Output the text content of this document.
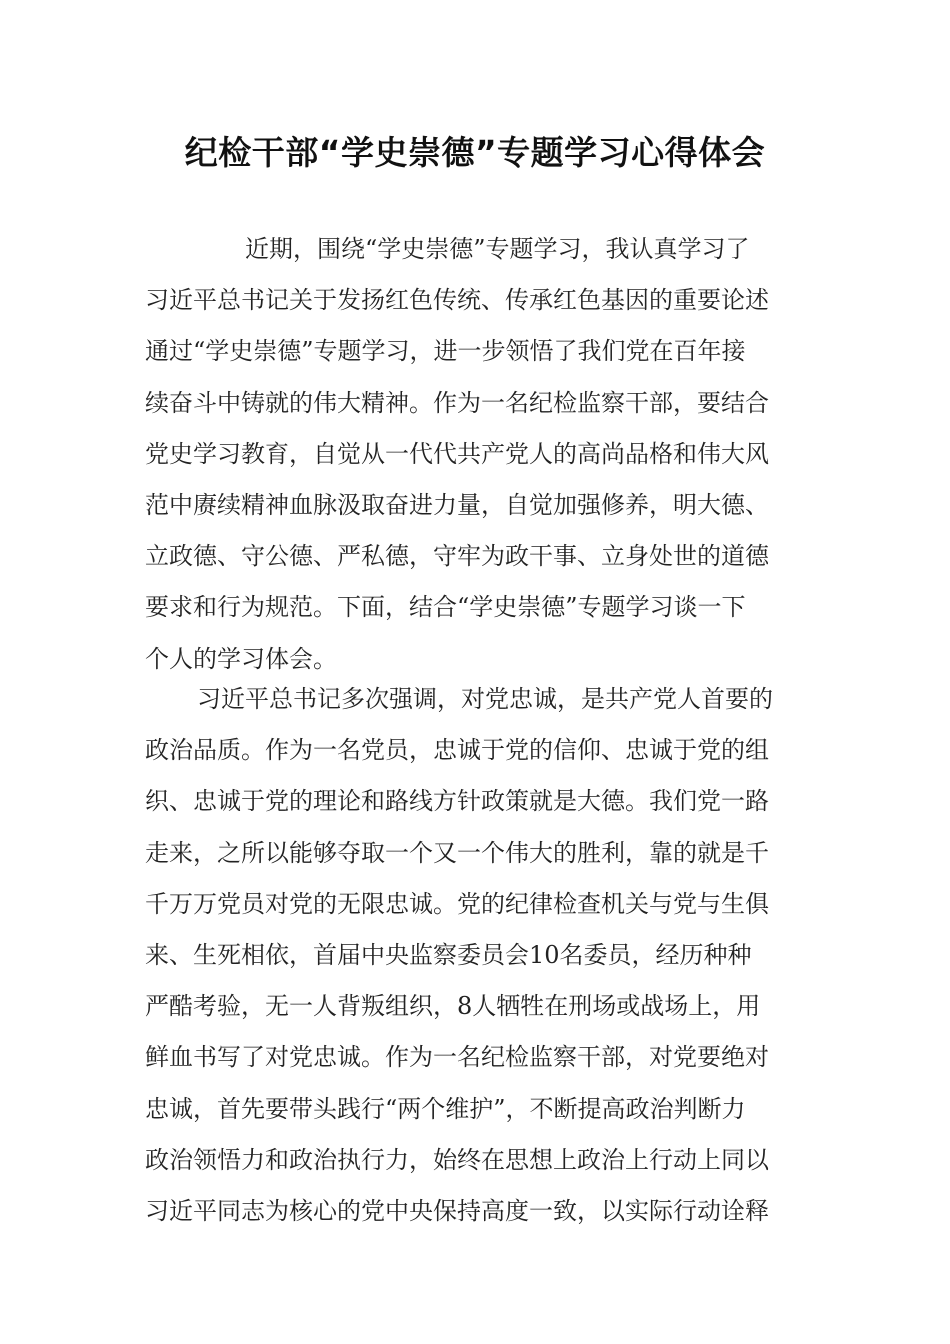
纪检干部“学史崇德”专题学习心得体会
近期，围绕“学史崇德”专题学习，我认真学习了
习近平总书记关于发扬红色传统、传承红色基因的重要论述
通过“学史崇德”专题学习，进一步领悟了我们党在百年接
续奋斗中铸就的伟大精神。作为一名纪检监察干部，要结合
党史学习教育，自觉从一代代共产党人的高尚品格和伟大风
范中赓续精神血脉汲取奋进力量，自觉加强修养，明大德、
立政德、守公德、严私德，守牢为政干事、立身处世的道德
要求和行为规范。下面，结合“学史崇德”专题学习谈一下
个人的学习体会。
习近平总书记多次强调，对党忠诚，是共产党人首要的
政治品质。作为一名党员，忠诚于党的信仰、忠诚于党的组
织、忠诚于党的理论和路线方针政策就是大德。我们党一路
走来，之所以能够夺取一个又一个伟大的胜利，靠的就是千
千万万党员对党的无限忠诚。党的纪律检查机关与党与生俱
来、生死相依，首届中央监察委员会10名委员，经历种种
严酷考验，无一人背叛组织，8人牺牲在刑场或战场上，用
鲜血书写了对党忠诚。作为一名纪检监察干部，对党要绝对
忠诚，首先要带头践行“两个维护”，不断提高政治判断力
政治领悟力和政治执行力，始终在思想上政治上行动上同以
习近平同志为核心的党中央保持高度一致，以实际行动诠释
